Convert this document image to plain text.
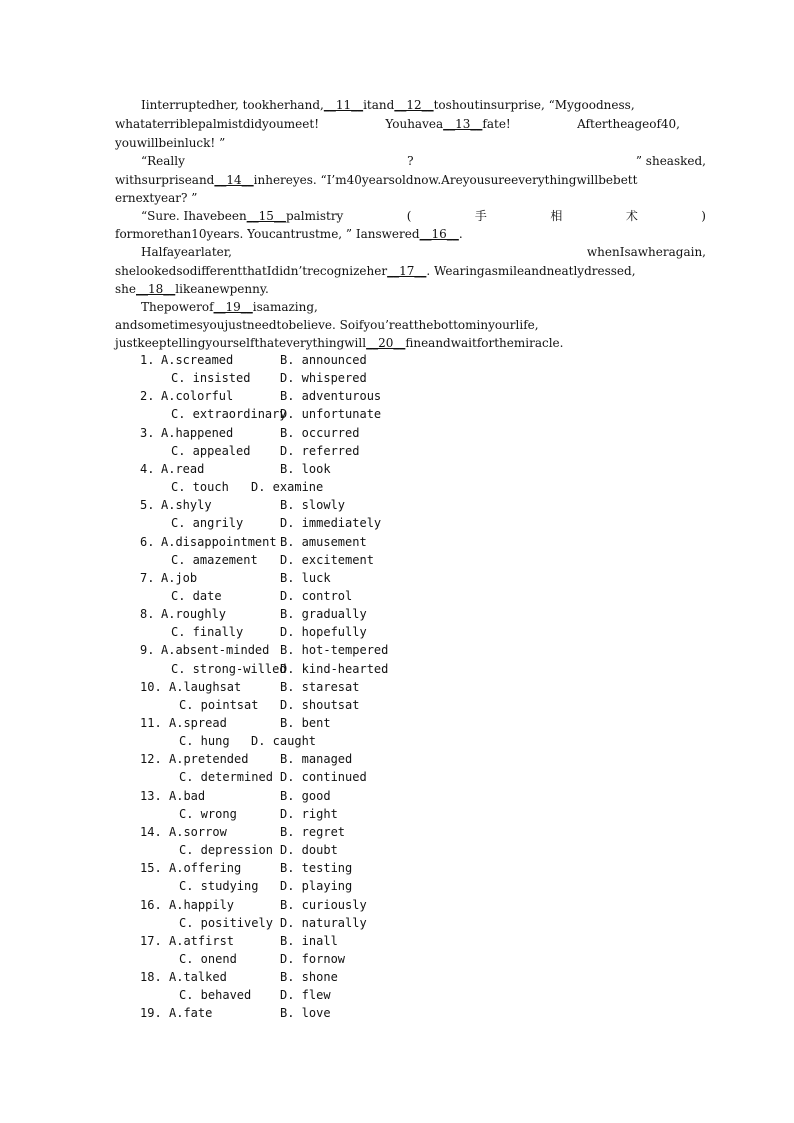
Iinterruptedher, tookherhand, __11__ itand __12__ toshoutinsurprise, “Mygoodness,
whataterriblepalmistdidyoumeet!	Youhavea__13__fate!	Aftertheageof40,
youwillbeinluck! ”
“Really	?	” sheasked,
withsurpriseand __14__ inhereyes. “I’m40yearsoldnow.Areyousureeverythingwillbebett
ernextyear? ”
“Sure. Ihavebeen__15__palmistry	(	手	相	术	)
formorethan10years. Youcantrustme, ” Ianswered __16__ .
Halfayearlater,	whenIsawheragain,
shelookedsodifferentthatIdidn’trecognizeher __17__ . Wearingasmileandneatlydressed,
she __18__ likeanewpenny.
Thepowerof __19__ isamazing,
andsometimesyoujustneedtobelieve. Soifyou’reatthebottominyourlife,
justkeeptellingyourselfthateverythingwill __20__ fineandwaitforthemiracle.
1. A.screamed	B. announced
C. insisted D. whispered
2. A.colorful	B. adventurous
C. extraordinary
D. unfortunate
3. A.happened	B. occurred
C. appealed D. referred
4. A.read	B. look
C. touch D. examine
5. A.shyly	B. slowly
C. angrily	D. immediately
6. A.disappointment B. amusement
C. amazement D. excitement
7. A.job	B. luck
C. date	D. control
8. A.roughly	B. gradually
C. finally	D. hopefully
9. A.absent-minded B. hot-tempered
C. strong-willed
D. kind-hearted
10. A.laughsat	B. staresat
C. pointsat D. shoutsat
11. A.spread	B. bent
C. hung D. caught
12. A.pretended	B. managed
C. determined D. continued
13. A.bad	B. good
C. wrong	D. right
14. A.sorrow	B. regret
C. depression D. doubt
15. A.offering	B. testing
C. studying D. playing
16. A.happily	B. curiously
C. positively D. naturally
17. A.atfirst	B. inall
C. onend	D. fornow
18. A.talked	B. shone
C. behaved D. flew
19. A.fate	B. love
